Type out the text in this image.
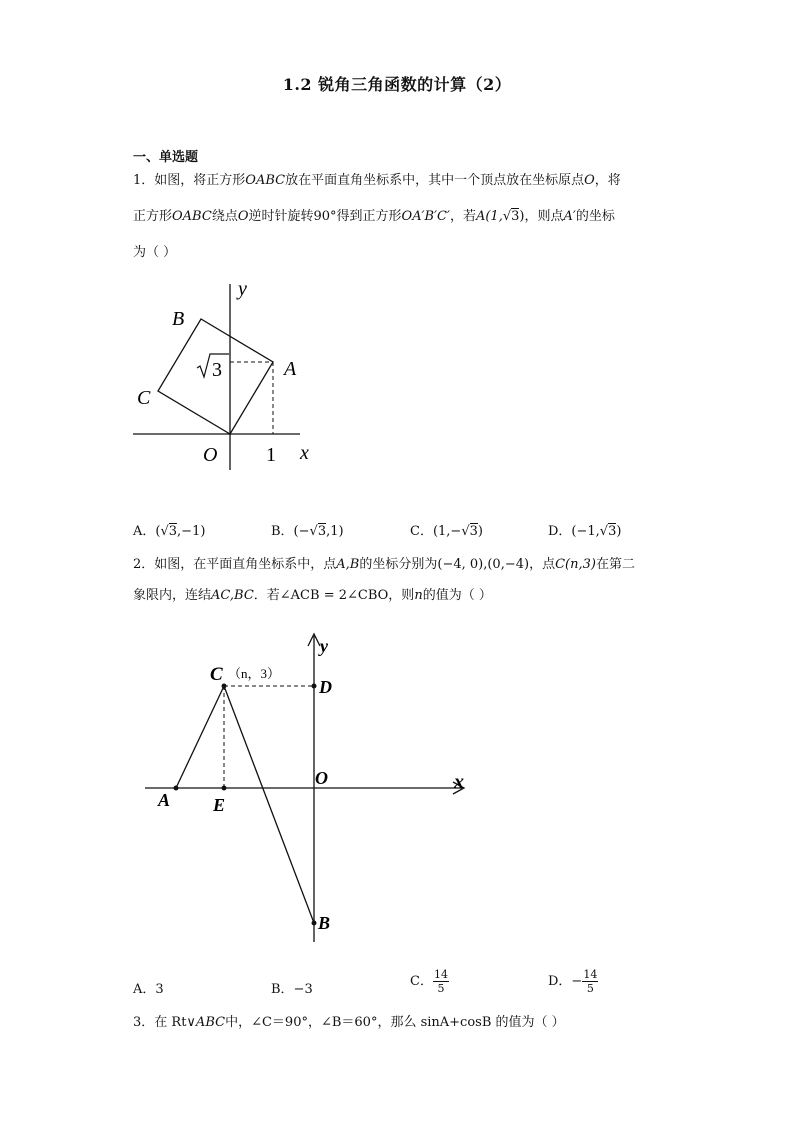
1.2 锐角三角函数的计算（2）
一、单选题
1．如图，将正方形OABC放在平面直角坐标系中，其中一个顶点放在坐标原点O，将
正方形OABC绕点O逆时针旋转90°得到正方形OA′B′C′，若A(1,√3)，则点A′的坐标
为（ ）
y
B
A
C
O 1 x
3
A．(√3,−1)	B．(−√3,1)	C．(1,−√3)	D．(−1,√3)
2．如图，在平面直角坐标系中，点A,B的坐标分别为(−4, 0),(0,−4)，点C(n,3)在第二
象限内，连结AC,BC．若∠ACB = 2∠CBO，则n的值为（ ）
y
C （n，3）
D
O	x
A E
B
A．3	B．−3
C． $\frac{14}{5}$	D．− $\frac{14}{5}$
3．在 Rt∨ABC中，∠C＝90°，∠B＝60°，那么 sinA+cosB 的值为（ ）
